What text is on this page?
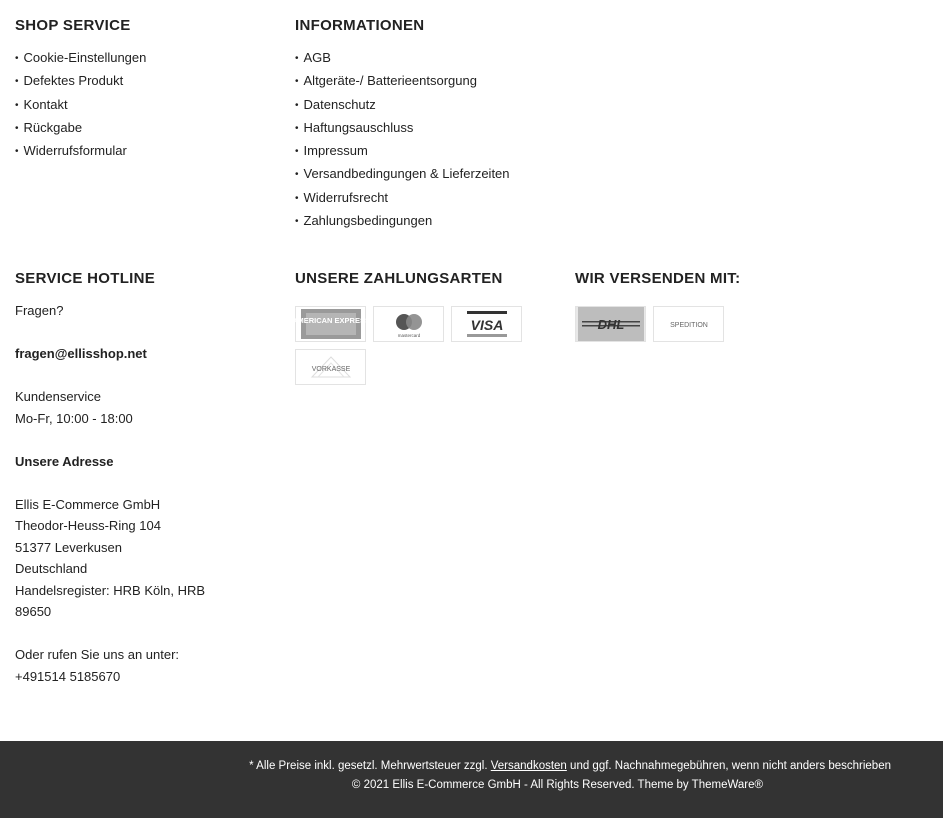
SHOP SERVICE
• Cookie-Einstellungen
• Defektes Produkt
• Kontakt
• Rückgabe
• Widerrufsformular
INFORMATIONEN
• AGB
• Altgeräte-/ Batterieentsorgung
• Datenschutz
• Haftungsauschluss
• Impressum
• Versandbedingungen & Lieferzeiten
• Widerrufsrecht
• Zahlungsbedingungen
SERVICE HOTLINE

Fragen?

fragen@ellisshop.net

Kundenservice

Mo-Fr, 10:00 - 18:00

Unsere Adresse

Ellis E-Commerce GmbH

Theodor-Heuss-Ring 104

51377 Leverkusen

Deutschland

Handelsregister: HRB Köln, HRB 89650

Oder rufen Sie uns an unter:

+491514 5185670

UNSERE ZAHLUNGSARTEN
AMERICAN EXPRESS
mastercard
VISA
VORKASSE
WIR VERSENDEN MIT:
DHL	SPEDITION
* Alle Preise inkl. gesetzl. Mehrwertsteuer zzgl. Versandkosten und ggf. Nachnahmegebühren, wenn nicht anders beschrieben
© 2021 Ellis E-Commerce GmbH - All Rights Reserved. Theme by ThemeWare®
